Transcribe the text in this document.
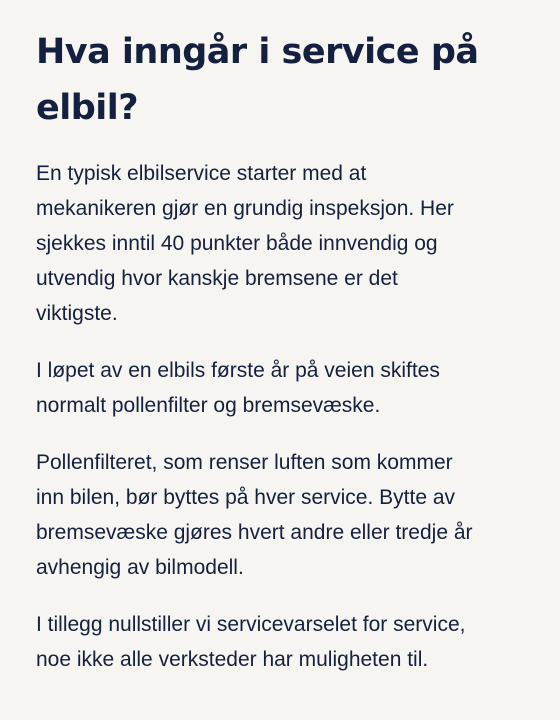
Hva inngår i service på
elbil?

En typisk elbilservice starter med at
mekanikeren gjør en grundig inspeksjon. Her
sjekkes inntil 40 punkter både innvendig og
utvendig hvor kanskje bremsene er det
viktigste.

I løpet av en elbils første år på veien skiftes
normalt pollenfilter og bremsevæske.

Pollenfilteret, som renser luften som kommer
inn bilen, bør byttes på hver service. Bytte av
bremsevæske gjøres hvert andre eller tredje år
avhengig av bilmodell.

I tillegg nullstiller vi servicevarselet for service,
noe ikke alle verksteder har muligheten til.
